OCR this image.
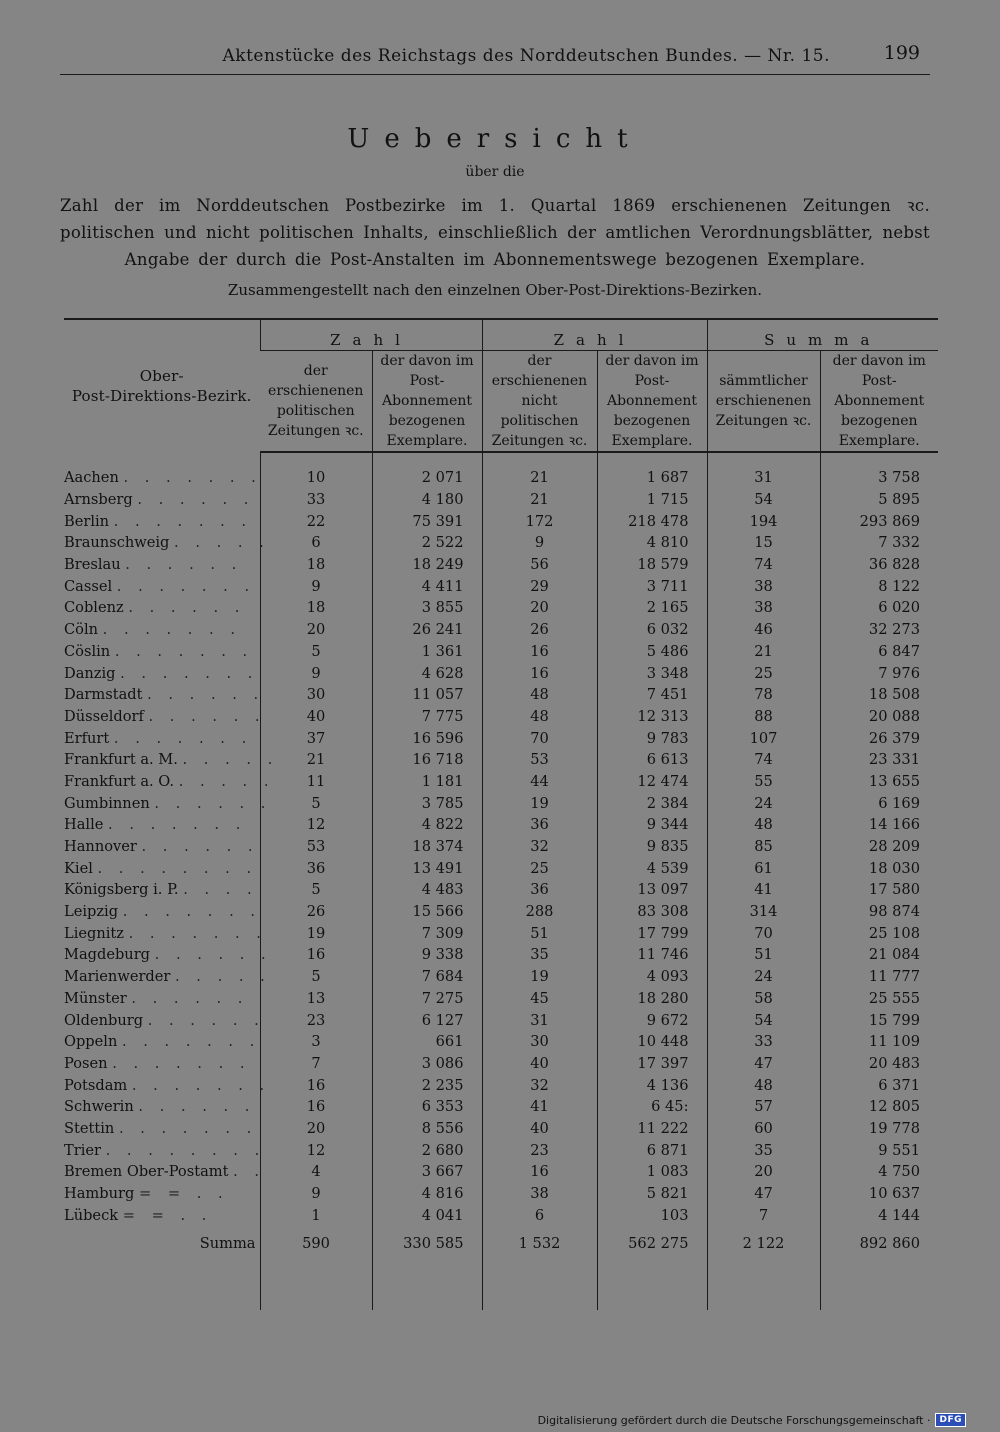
Aktenstücke des Reichstags des Norddeutschen Bundes. — Nr. 15.	199
Uebersicht
über die
Zahl der im Norddeutschen Postbezirke im 1. Quartal 1869 erschienenen Zeitungen ꝛc. politischen und nicht politischen Inhalts, einschließlich der amtlichen Verordnungsblätter, nebst Angabe der durch die Post-Anstalten im Abonnementswege bezogenen Exemplare.
Zusammengestellt nach den einzelnen Ober-Post-Direktions-Bezirken.

Ober-
Post-Direktions-Bezirk.	Zahl		Zahl		Summa	
	der erschienenen politischen Zeitungen ꝛc.	der davon im Post-Abonnement bezogenen Exemplare.	der erschienenen nicht politischen Zeitungen ꝛc.	der davon im Post-Abonnement bezogenen Exemplare.	sämmtlicher erschienenen Zeitungen ꝛc.	der davon im Post-Abonnement bezogenen Exemplare.

Aachen . . . . . . .	10	2 071	21	1 687	31	3 758
Arnsberg . . . . . .	33	4 180	21	1 715	54	5 895
Berlin . . . . . . .	22	75 391	172	218 478	194	293 869
Braunschweig . . . . .	6	2 522	9	4 810	15	7 332
Breslau . . . . . .	18	18 249	56	18 579	74	36 828
Cassel . . . . . . .	9	4 411	29	3 711	38	8 122
Coblenz . . . . . .	18	3 855	20	2 165	38	6 020
Cöln . . . . . . .	20	26 241	26	6 032	46	32 273
Cöslin . . . . . . .	5	1 361	16	5 486	21	6 847
Danzig . . . . . . .	9	4 628	16	3 348	25	7 976
Darmstadt . . . . . .	30	11 057	48	7 451	78	18 508
Düsseldorf . . . . . .	40	7 775	48	12 313	88	20 088
Erfurt . . . . . . .	37	16 596	70	9 783	107	26 379
Frankfurt a. M. . . . . .	21	16 718	53	6 613	74	23 331
Frankfurt a. O. . . . . .	11	1 181	44	12 474	55	13 655
Gumbinnen . . . . . .	5	3 785	19	2 384	24	6 169
Halle . . . . . . .	12	4 822	36	9 344	48	14 166
Hannover . . . . . .	53	18 374	32	9 835	85	28 209
Kiel . . . . . . . .	36	13 491	25	4 539	61	18 030
Königsberg i. P. . . . .	5	4 483	36	13 097	41	17 580
Leipzig . . . . . . .	26	15 566	288	83 308	314	98 874
Liegnitz . . . . . . .	19	7 309	51	17 799	70	25 108
Magdeburg . . . . . .	16	9 338	35	11 746	51	21 084
Marienwerder . . . . .	5	7 684	19	4 093	24	11 777
Münster . . . . . .	13	7 275	45	18 280	58	25 555
Oldenburg . . . . . .	23	6 127	31	9 672	54	15 799
Oppeln . . . . . . .	3	661	30	10 448	33	11 109
Posen . . . . . . .	7	3 086	40	17 397	47	20 483
Potsdam . . . . . . .	16	2 235	32	4 136	48	6 371
Schwerin . . . . . .	16	6 353	41	6 45:	57	12 805
Stettin . . . . . . .	20	8 556	40	11 222	60	19 778
Trier . . . . . . . .	12	2 680	23	6 871	35	9 551
Bremen Ober-Postamt . .	4	3 667	16	1 083	20	4 750
Hamburg = = . .	9	4 816	38	5 821	47	10 637
Lübeck = = . .	1	4 041	6	103	7	4 144
Summa	590	330 585	1 532	562 275	2 122	892 860

Digitalisierung gefördert durch die Deutsche Forschungsgemeinschaft ·	DFG
